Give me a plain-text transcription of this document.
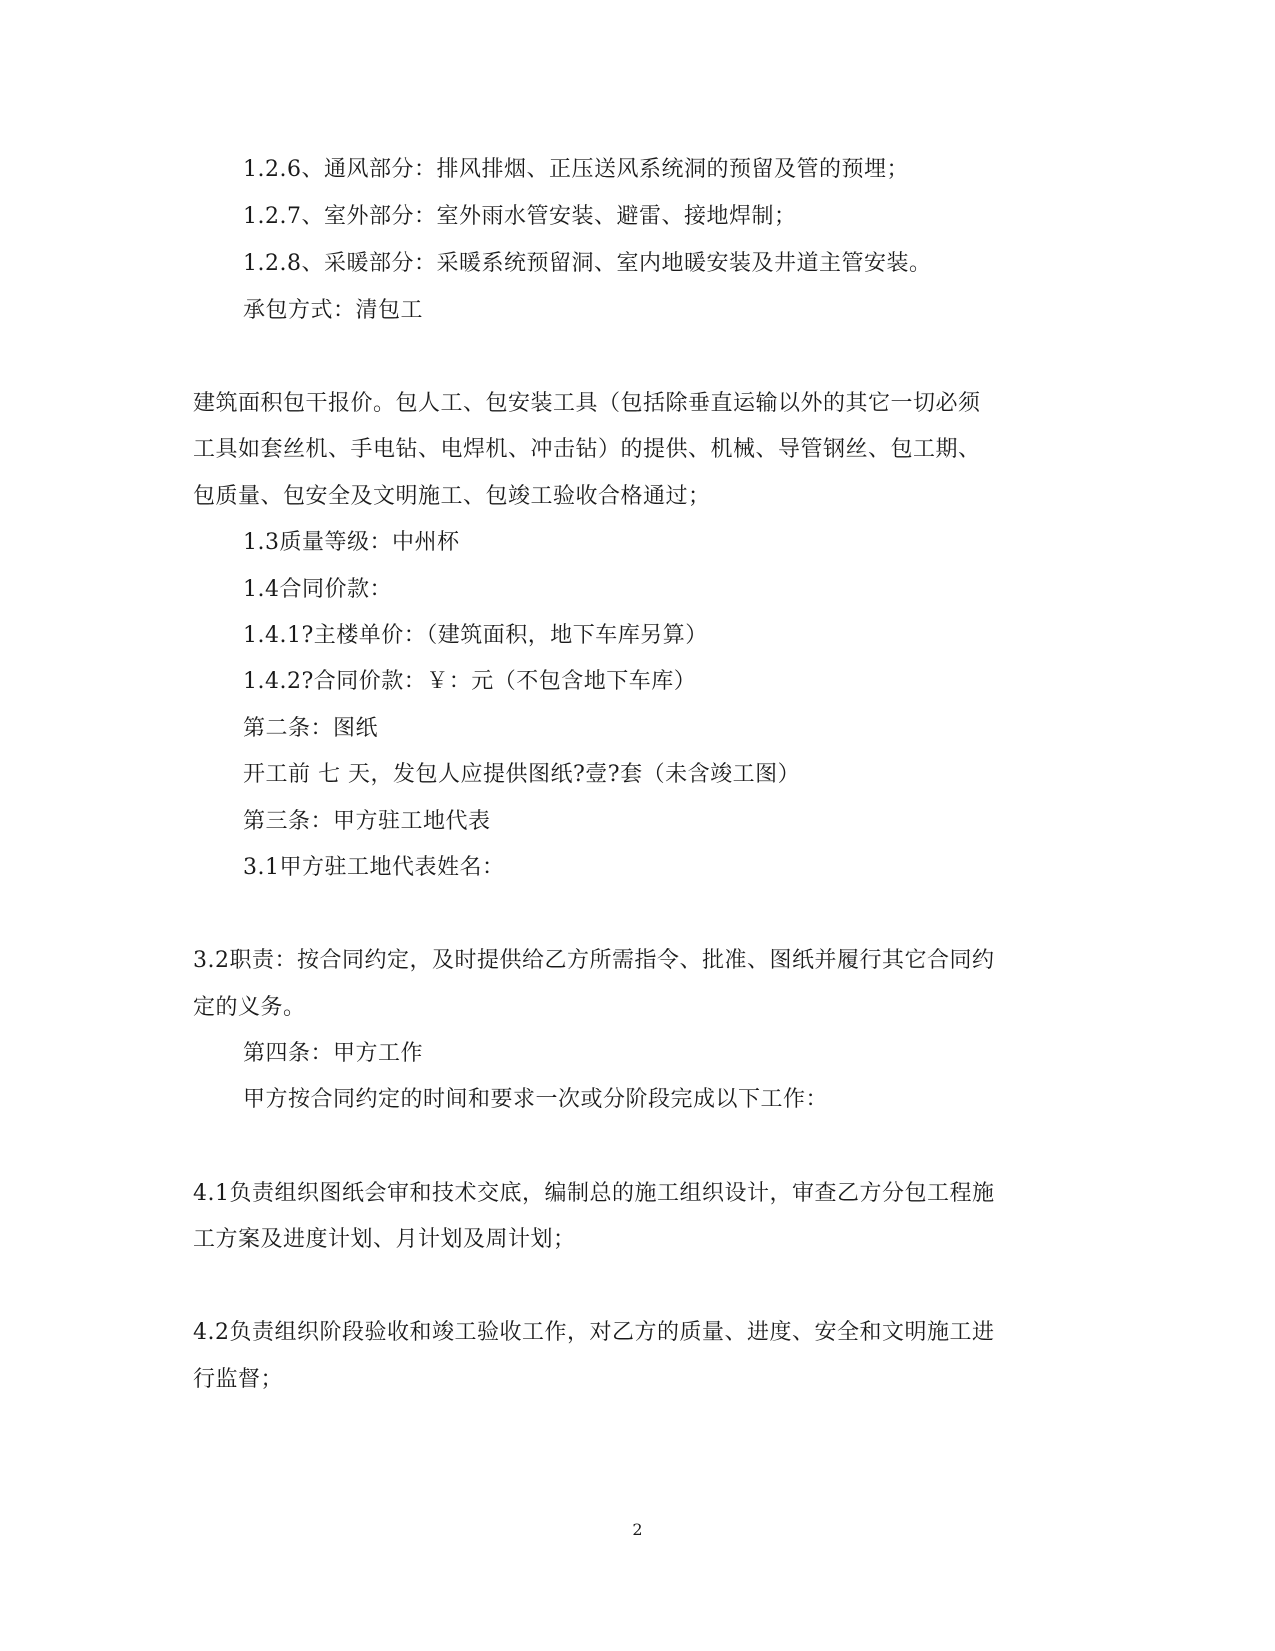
1.2.6、通风部分：排风排烟、正压送风系统洞的预留及管的预埋；
1.2.7、室外部分：室外雨水管安装、避雷、接地焊制；
1.2.8、采暖部分：采暖系统预留洞、室内地暖安装及井道主管安装。
承包方式：清包工
建筑面积包干报价。包人工、包安装工具（包括除垂直运输以外的其它一切必须
工具如套丝机、手电钻、电焊机、冲击钻）的提供、机械、导管钢丝、包工期、
包质量、包安全及文明施工、包竣工验收合格通过；
1.3质量等级：中州杯
1.4合同价款：
1.4.1?主楼单价：（建筑面积，地下车库另算）
1.4.2?合同价款：￥：元（不包含地下车库）
第二条：图纸
开工前 七 天，发包人应提供图纸?壹?套（未含竣工图）
第三条：甲方驻工地代表
3.1甲方驻工地代表姓名：
3.2职责：按合同约定，及时提供给乙方所需指令、批准、图纸并履行其它合同约
定的义务。
第四条：甲方工作
甲方按合同约定的时间和要求一次或分阶段完成以下工作：
4.1负责组织图纸会审和技术交底，编制总的施工组织设计，审查乙方分包工程施
工方案及进度计划、月计划及周计划；
4.2负责组织阶段验收和竣工验收工作，对乙方的质量、进度、安全和文明施工进
行监督；
2
